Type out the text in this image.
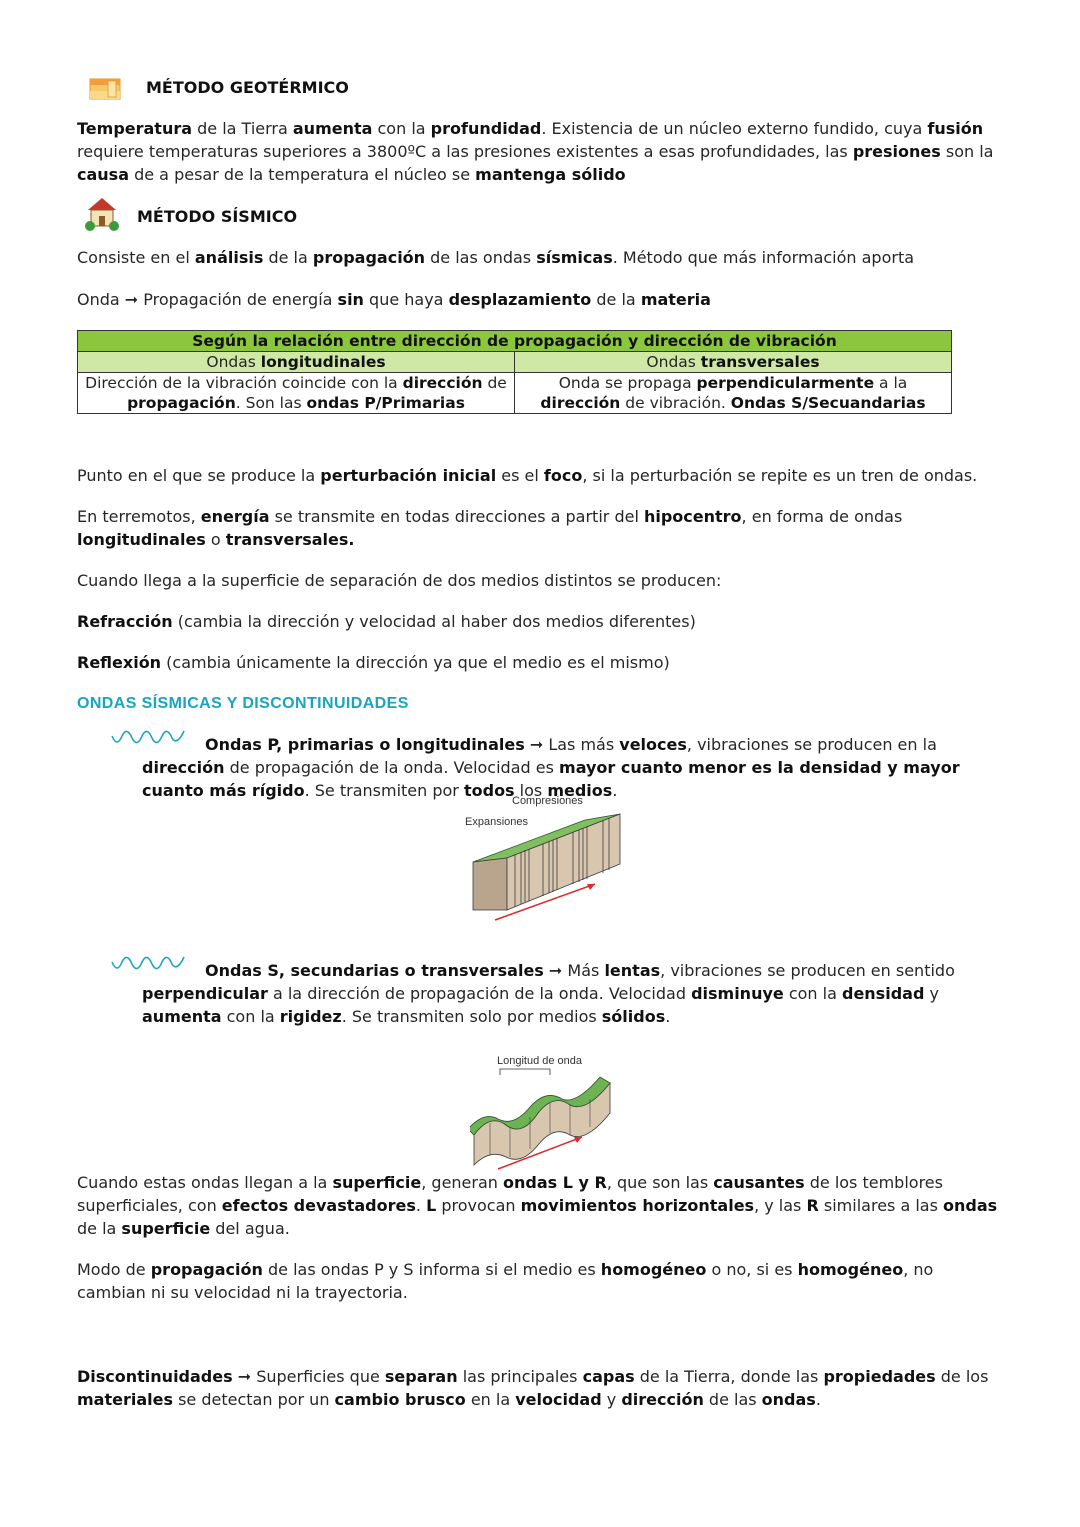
MÉTODO GEOTÉRMICO

Temperatura de la Tierra aumenta con la profundidad. Existencia de un núcleo externo fundido, cuya fusión requiere temperaturas superiores a 3800ºC a las presiones existentes a esas profundidades, las presiones son la causa de a pesar de la temperatura el núcleo se mantenga sólido

MÉTODO SÍSMICO

Consiste en el análisis de la propagación de las ondas sísmicas. Método que más información aporta

Onda ➞ Propagación de energía sin que haya desplazamiento de la materia

Según la relación entre dirección de propagación y dirección de vibración	
Ondas longitudinales	Ondas transversales
Dirección de la vibración coincide con la dirección de propagación. Son las ondas P/Primarias	Onda se propaga perpendicularmente a la dirección de vibración. Ondas S/Secuandarias

Punto en el que se produce la perturbación inicial es el foco, si la perturbación se repite es un tren de ondas.

En terremotos, energía se transmite en todas direcciones a partir del hipocentro, en forma de ondas longitudinales o transversales.

Cuando llega a la superficie de separación de dos medios distintos se producen:

Refracción (cambia la dirección y velocidad al haber dos medios diferentes)

Reflexión (cambia únicamente la dirección ya que el medio es el mismo)

ONDAS SÍSMICAS Y DISCONTINUIDADES

Ondas P, primarias o longitudinales ➞ Las más veloces, vibraciones se producen en la dirección de propagación de la onda. Velocidad es mayor cuanto menor es la densidad y mayor cuanto más rígido. Se transmiten por todos los medios.

Compresiones
Expansiones

Ondas S, secundarias o transversales ➞ Más lentas, vibraciones se producen en sentido perpendicular a la dirección de propagación de la onda. Velocidad disminuye con la densidad y aumenta con la rigidez. Se transmiten solo por medios sólidos.

Longitud de onda

Cuando estas ondas llegan a la superficie, generan ondas L y R, que son las causantes de los temblores superficiales, con efectos devastadores. L provocan movimientos horizontales, y las R similares a las ondas de la superficie del agua.

Modo de propagación de las ondas P y S informa si el medio es homogéneo o no, si es homogéneo, no cambian ni su velocidad ni la trayectoria.

Discontinuidades ➞ Superficies que separan las principales capas de la Tierra, donde las propiedades de los materiales se detectan por un cambio brusco en la velocidad y dirección de las ondas.
